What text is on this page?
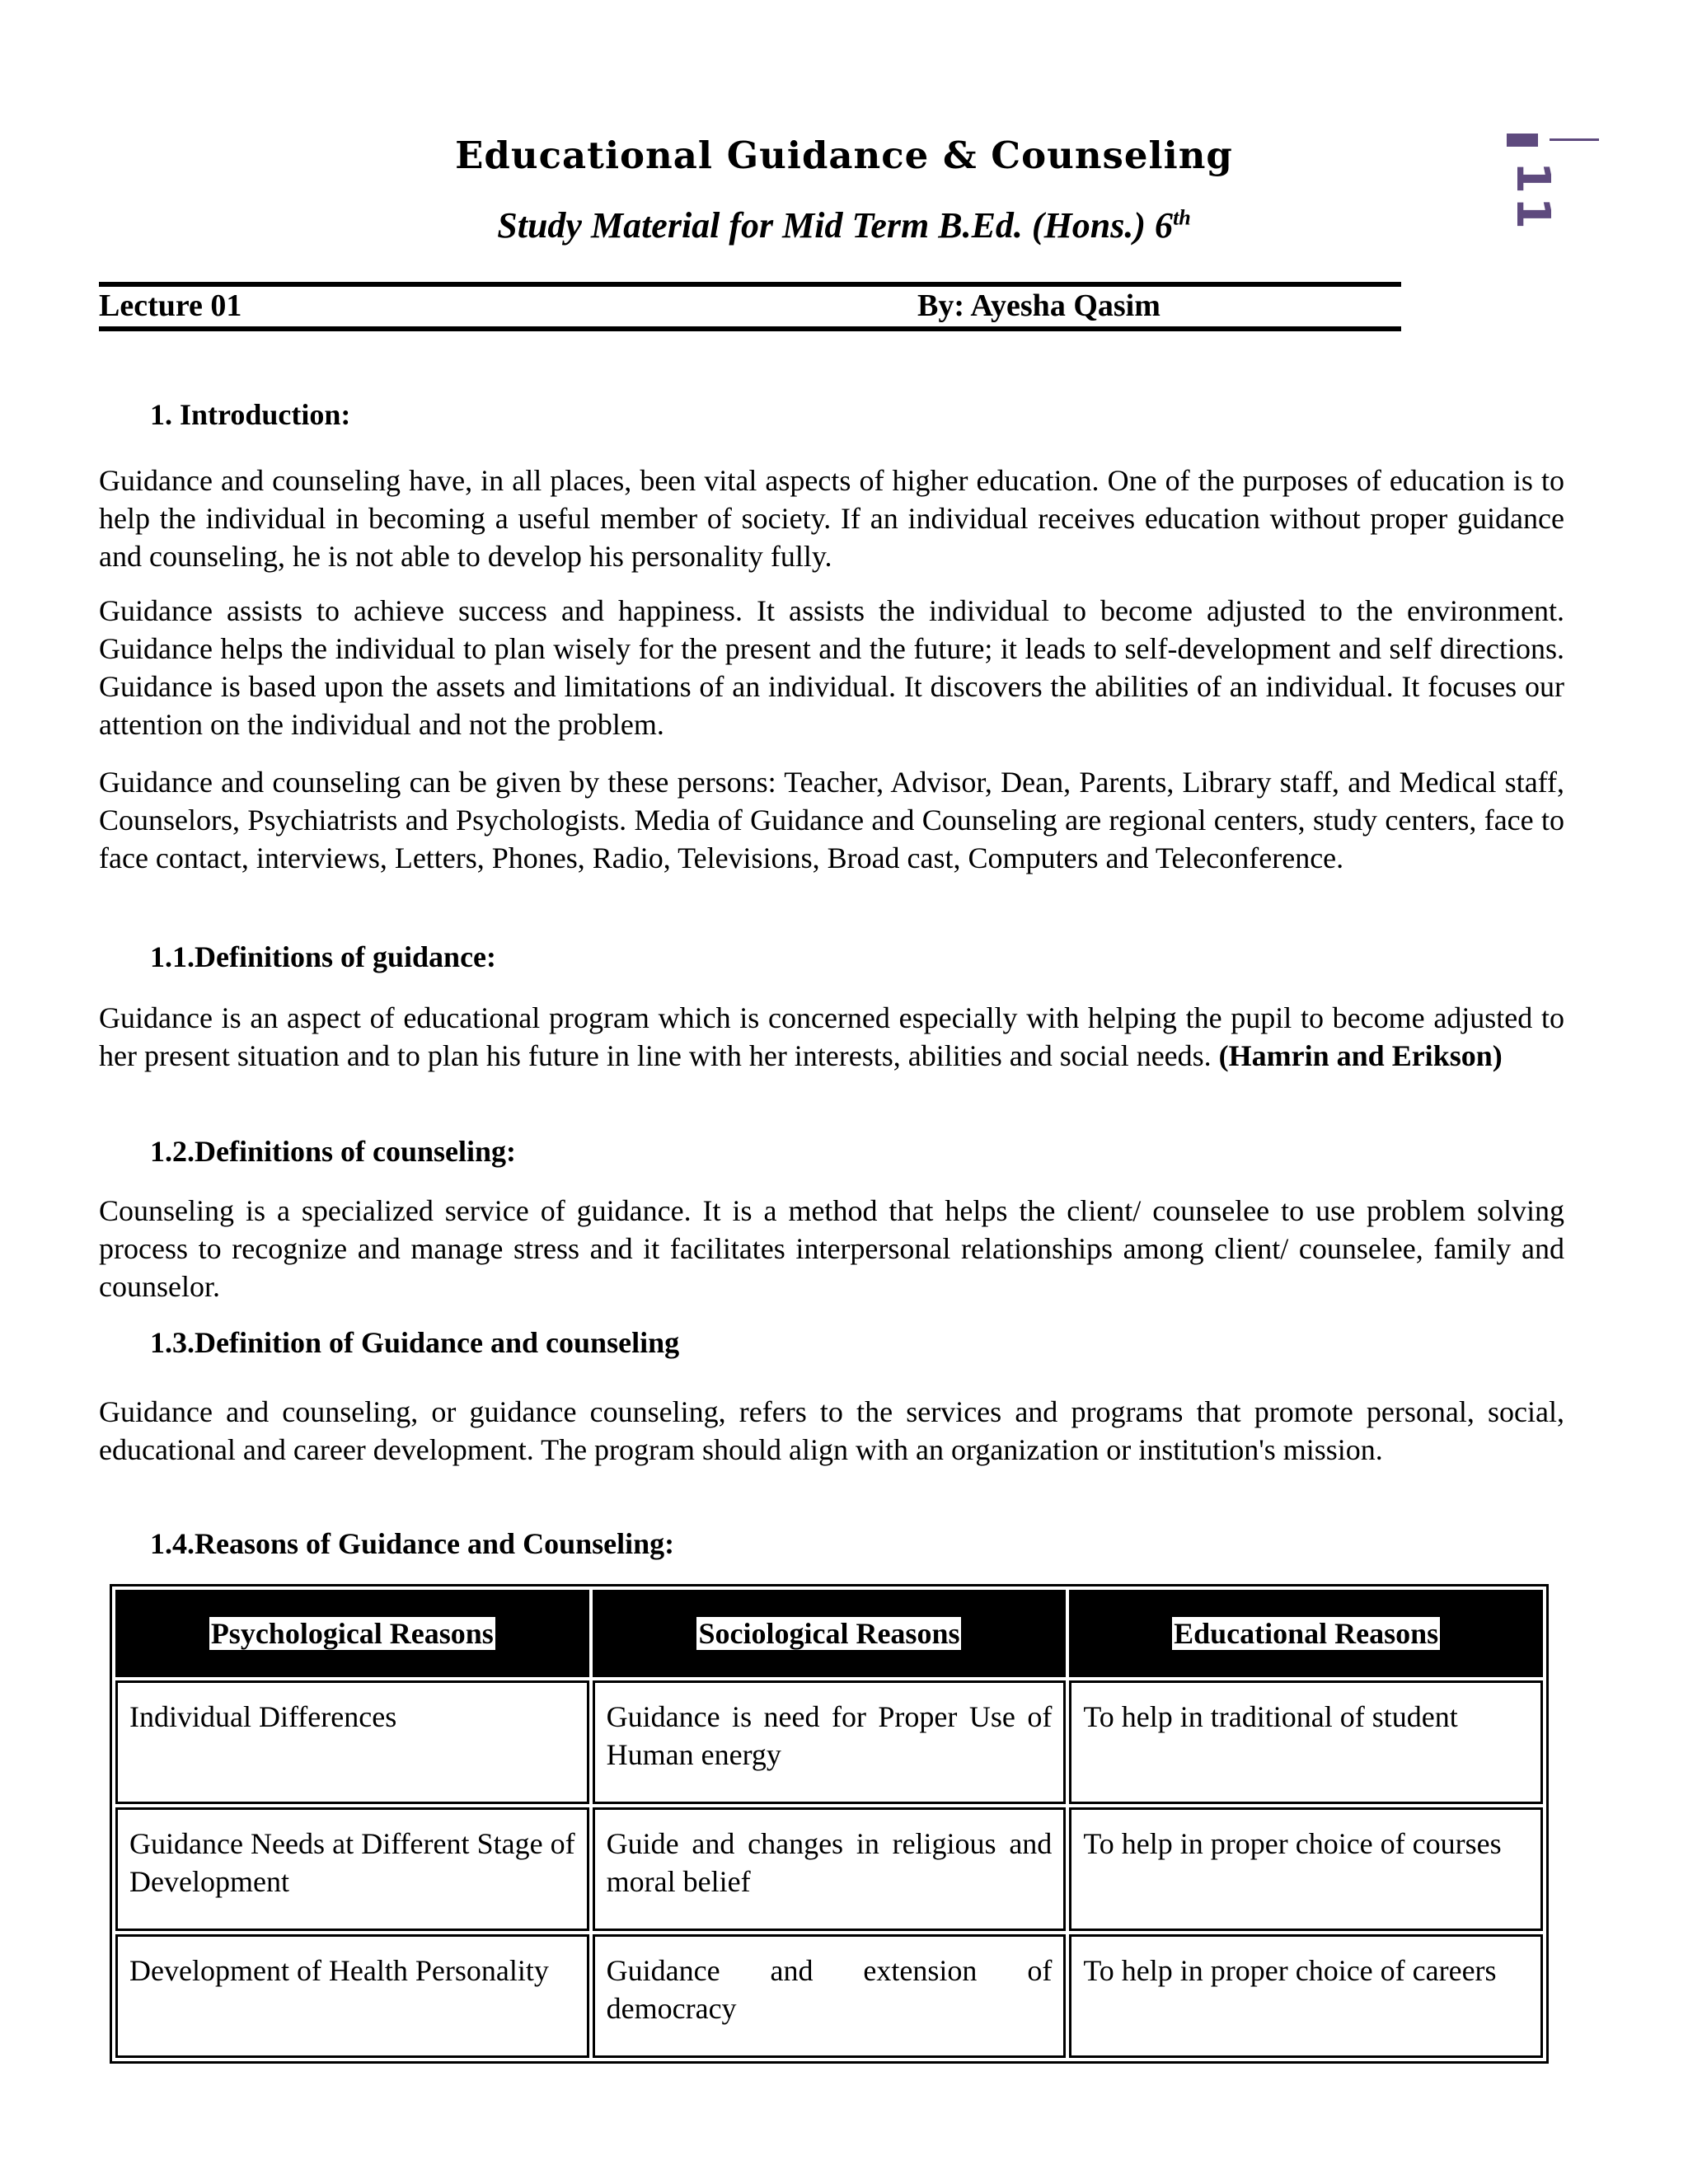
11
Educational Guidance & Counseling
Study Material for Mid Term B.Ed. (Hons.) 6th
Lecture 01	By: Ayesha Qasim
1. Introduction:
Guidance and counseling have, in all places, been vital aspects of higher education. One of the purposes of education is to help the individual in becoming a useful member of society. If an individual receives education without proper guidance and counseling, he is not able to develop his personality fully.
Guidance assists to achieve success and happiness. It assists the individual to become adjusted to the environment. Guidance helps the individual to plan wisely for the present and the future; it leads to self-development and self directions. Guidance is based upon the assets and limitations of an individual. It discovers the abilities of an individual. It focuses our attention on the individual and not the problem.
Guidance and counseling can be given by these persons: Teacher, Advisor, Dean, Parents, Library staff, and Medical staff, Counselors, Psychiatrists and Psychologists. Media of Guidance and Counseling are regional centers, study centers, face to face contact, interviews, Letters, Phones, Radio, Televisions, Broad cast, Computers and Teleconference.
1.1.Definitions of guidance:
Guidance is an aspect of educational program which is concerned especially with helping the pupil to become adjusted to her present situation and to plan his future in line with her interests, abilities and social needs. (Hamrin and Erikson)
1.2.Definitions of counseling:
Counseling is a specialized service of guidance. It is a method that helps the client/ counselee to use problem solving process to recognize and manage stress and it facilitates interpersonal relationships among client/ counselee, family and counselor.
1.3.Definition of Guidance and counseling
Guidance and counseling, or guidance counseling, refers to the services and programs that promote personal, social, educational and career development. The program should align with an organization or institution's mission.
1.4.Reasons of Guidance and Counseling:
Psychological Reasons	Sociological Reasons	Educational Reasons
Individual Differences	Guidance is need for Proper Use of Human energy	To help in traditional of student
Guidance Needs at Different Stage of Development	Guide and changes in religious and moral belief	To help in proper choice of courses
Development of Health Personality	Guidance and extension of democracy	To help in proper choice of careers
